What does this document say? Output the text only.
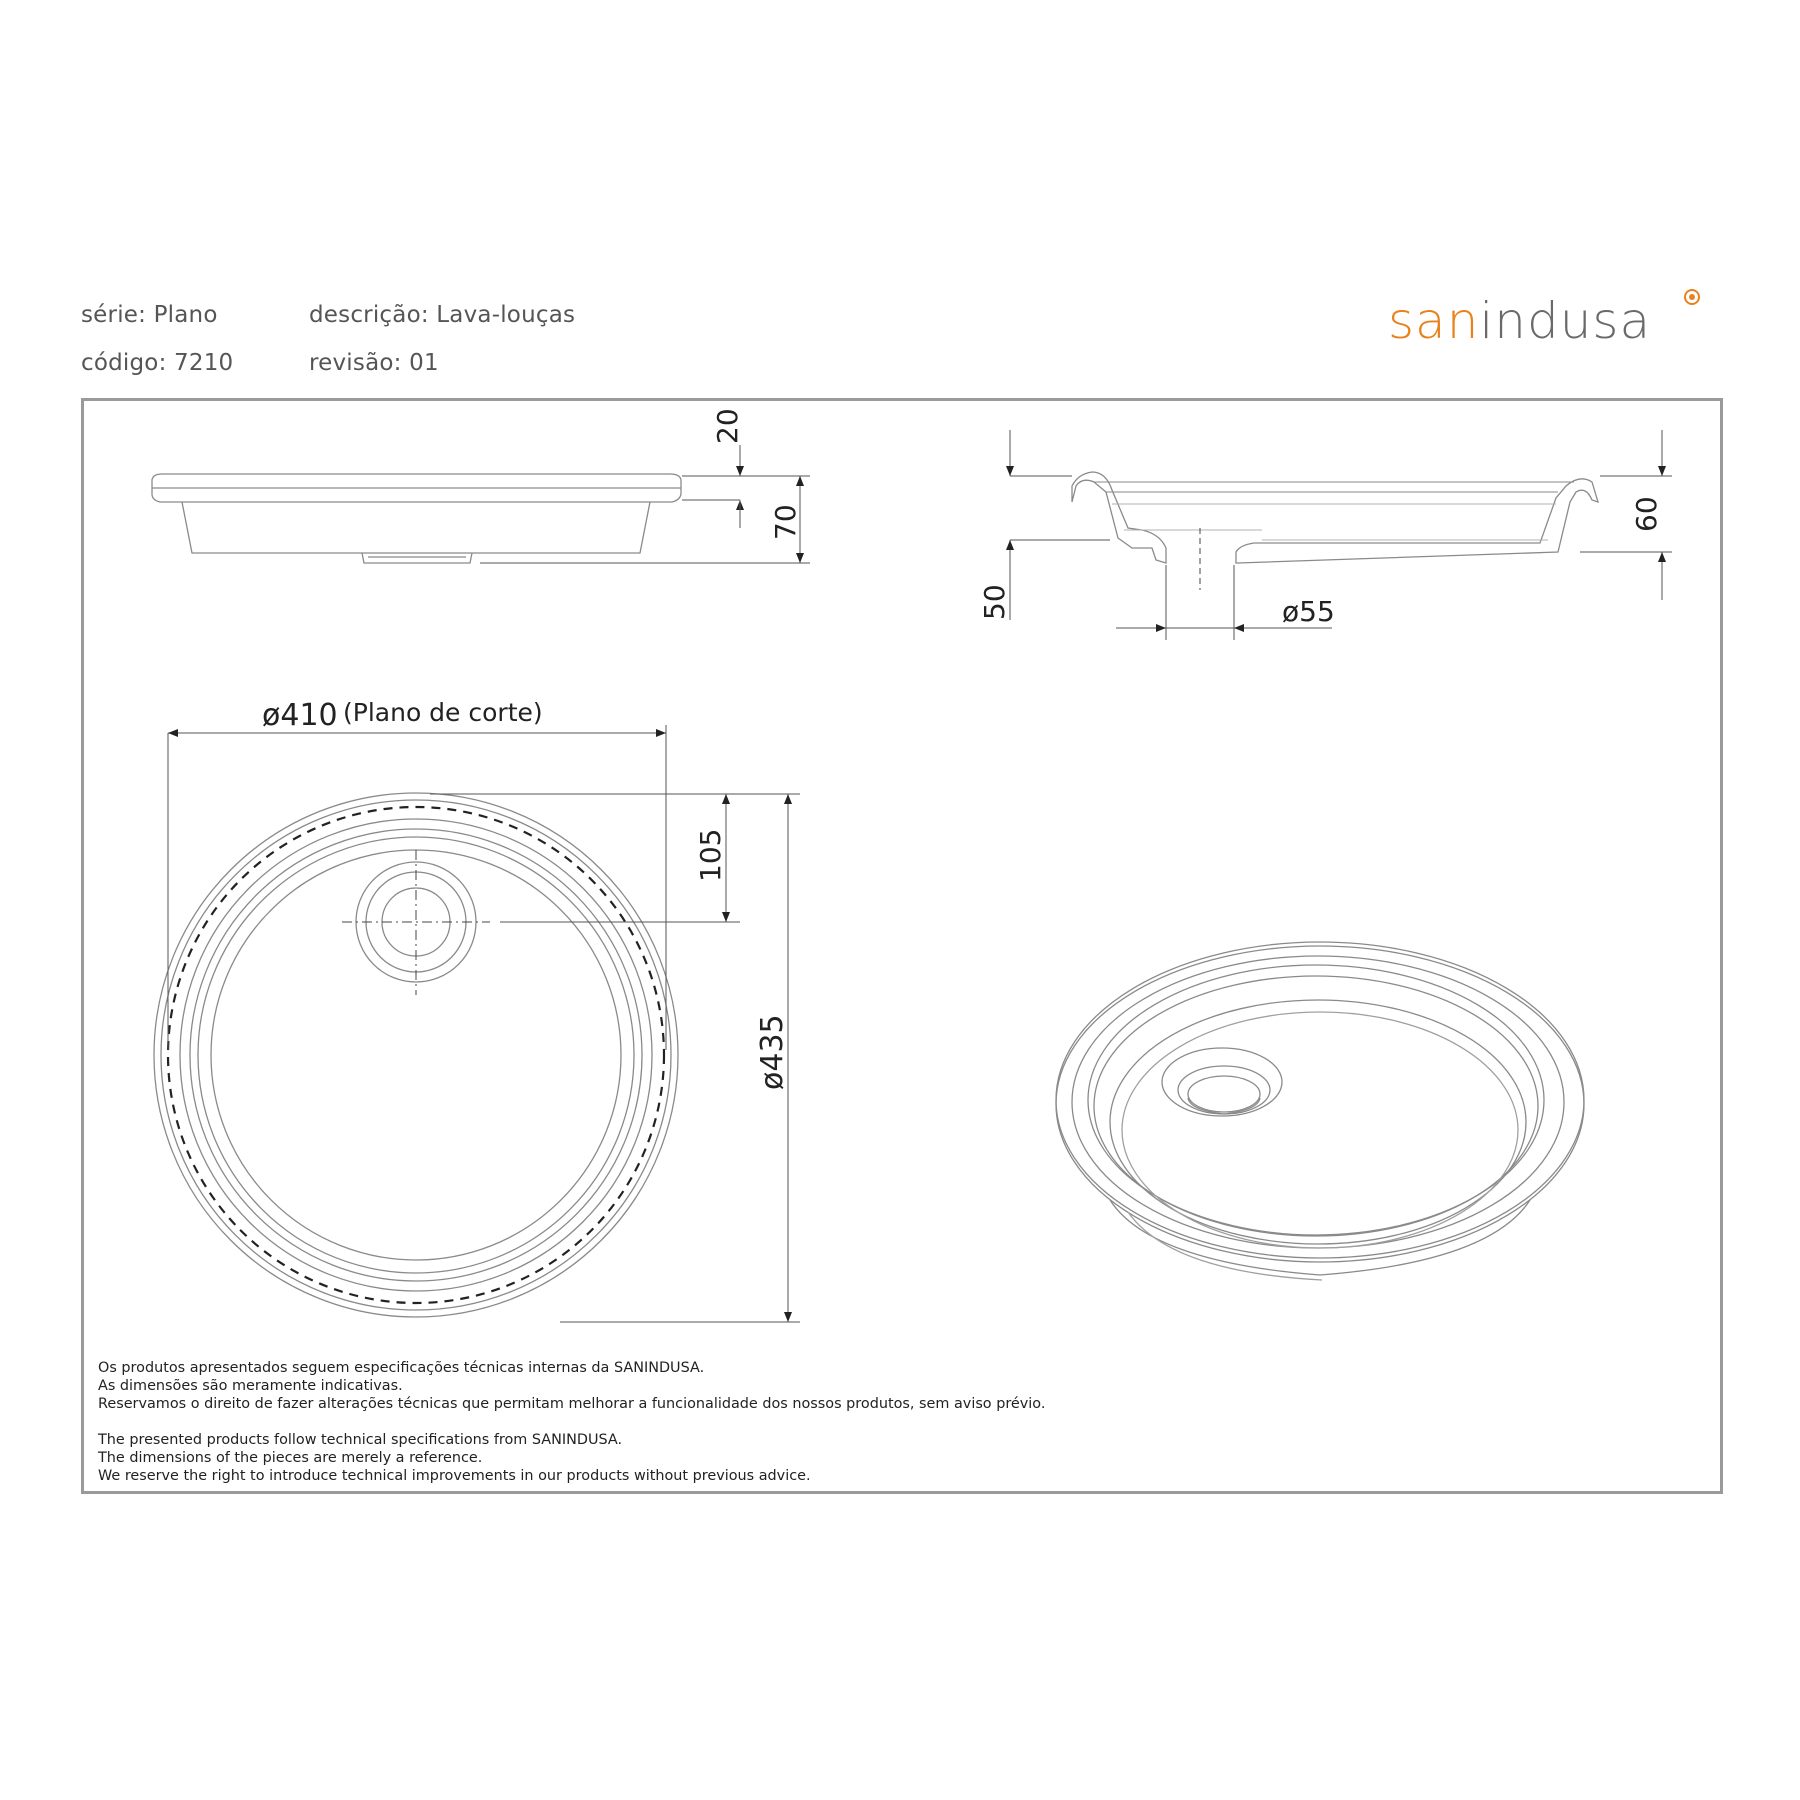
série: Plano
código: 7210
descrição: Lava-louças
revisão: 01
sanindusa
20
70	60
50	ø55
ø410 (Plano de corte)
105
ø435

Os produtos apresentados seguem especificações técnicas internas da SANINDUSA.

As dimensões são meramente indicativas.

Reservamos o direito de fazer alterações técnicas que permitam melhorar a funcionalidade dos nossos produtos, sem aviso prévio.

The presented products follow technical specifications from SANINDUSA.

The dimensions of the pieces are merely a reference.

We reserve the right to introduce technical improvements in our products without previous advice.
